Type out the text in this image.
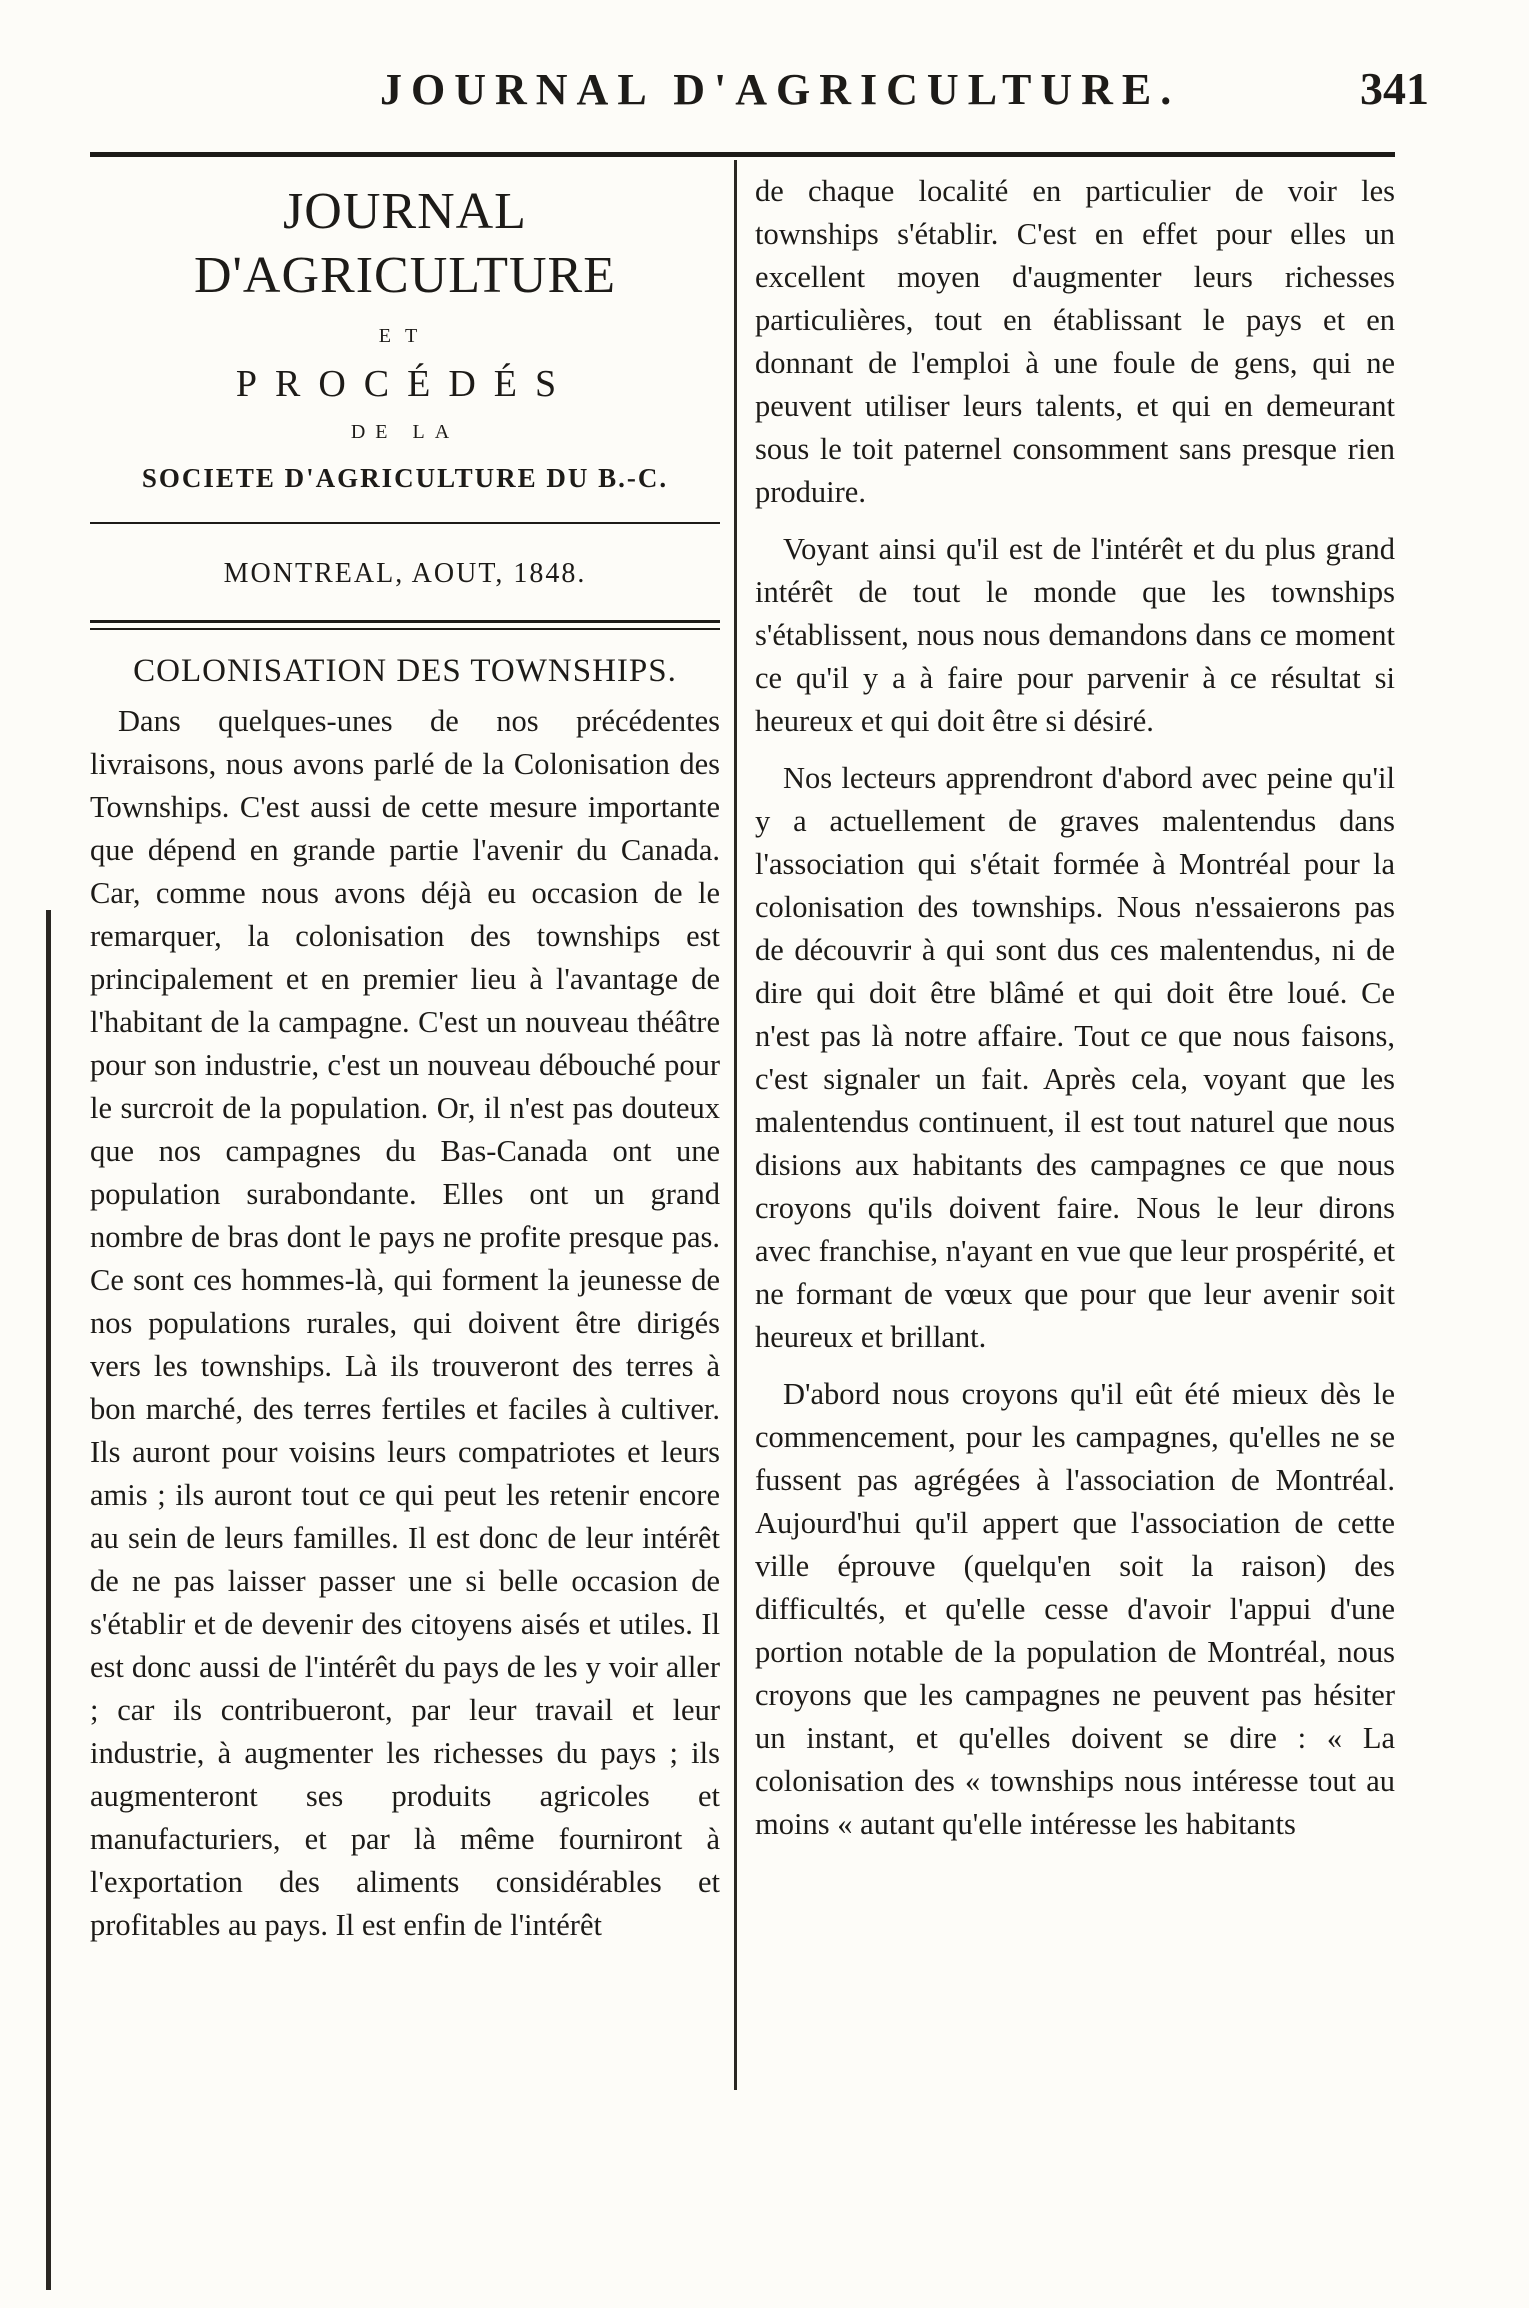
JOURNAL D'AGRICULTURE.	341
JOURNAL D'AGRICULTURE
ET
PROCÉDÉS
DE LA
SOCIETE D'AGRICULTURE DU B.-C.
MONTREAL, AOUT, 1848.
COLONISATION DES TOWNSHIPS.

Dans quelques-unes de nos précédentes livraisons, nous avons parlé de la Colonisation des Townships. C'est aussi de cette mesure importante que dépend en grande partie l'avenir du Canada. Car, comme nous avons déjà eu occasion de le remarquer, la colonisation des townships est principalement et en premier lieu à l'avantage de l'habitant de la campagne. C'est un nouveau théâtre pour son industrie, c'est un nouveau débouché pour le surcroit de la population. Or, il n'est pas douteux que nos campagnes du Bas-Canada ont une population surabondante. Elles ont un grand nombre de bras dont le pays ne profite presque pas. Ce sont ces hommes-là, qui forment la jeunesse de nos populations rurales, qui doivent être dirigés vers les townships. Là ils trouveront des terres à bon marché, des terres fertiles et faciles à cultiver. Ils auront pour voisins leurs compatriotes et leurs amis ; ils auront tout ce qui peut les retenir encore au sein de leurs familles. Il est donc de leur intérêt de ne pas laisser passer une si belle occasion de s'établir et de devenir des citoyens aisés et utiles. Il est donc aussi de l'intérêt du pays de les y voir aller ; car ils contribueront, par leur travail et leur industrie, à augmenter les richesses du pays ; ils augmenteront ses produits agricoles et manufacturiers, et par là même fourniront à l'exportation des aliments considérables et profitables au pays. Il est enfin de l'intérêt

de chaque localité en particulier de voir les townships s'établir. C'est en effet pour elles un excellent moyen d'augmenter leurs richesses particulières, tout en établissant le pays et en donnant de l'emploi à une foule de gens, qui ne peuvent utiliser leurs talents, et qui en demeurant sous le toit paternel consomment sans presque rien produire.

Voyant ainsi qu'il est de l'intérêt et du plus grand intérêt de tout le monde que les townships s'établissent, nous nous demandons dans ce moment ce qu'il y a à faire pour parvenir à ce résultat si heureux et qui doit être si désiré.

Nos lecteurs apprendront d'abord avec peine qu'il y a actuellement de graves malentendus dans l'association qui s'était formée à Montréal pour la colonisation des townships. Nous n'essaierons pas de découvrir à qui sont dus ces malentendus, ni de dire qui doit être blâmé et qui doit être loué. Ce n'est pas là notre affaire. Tout ce que nous faisons, c'est signaler un fait. Après cela, voyant que les malentendus continuent, il est tout naturel que nous disions aux habitants des campagnes ce que nous croyons qu'ils doivent faire. Nous le leur dirons avec franchise, n'ayant en vue que leur prospérité, et ne formant de vœux que pour que leur avenir soit heureux et brillant.

D'abord nous croyons qu'il eût été mieux dès le commencement, pour les campagnes, qu'elles ne se fussent pas agrégées à l'association de Montréal. Aujourd'hui qu'il appert que l'association de cette ville éprouve (quelqu'en soit la raison) des difficultés, et qu'elle cesse d'avoir l'appui d'une portion notable de la population de Montréal, nous croyons que les campagnes ne peuvent pas hésiter un instant, et qu'elles doivent se dire : « La colonisation des « townships nous intéresse tout au moins « autant qu'elle intéresse les habitants
